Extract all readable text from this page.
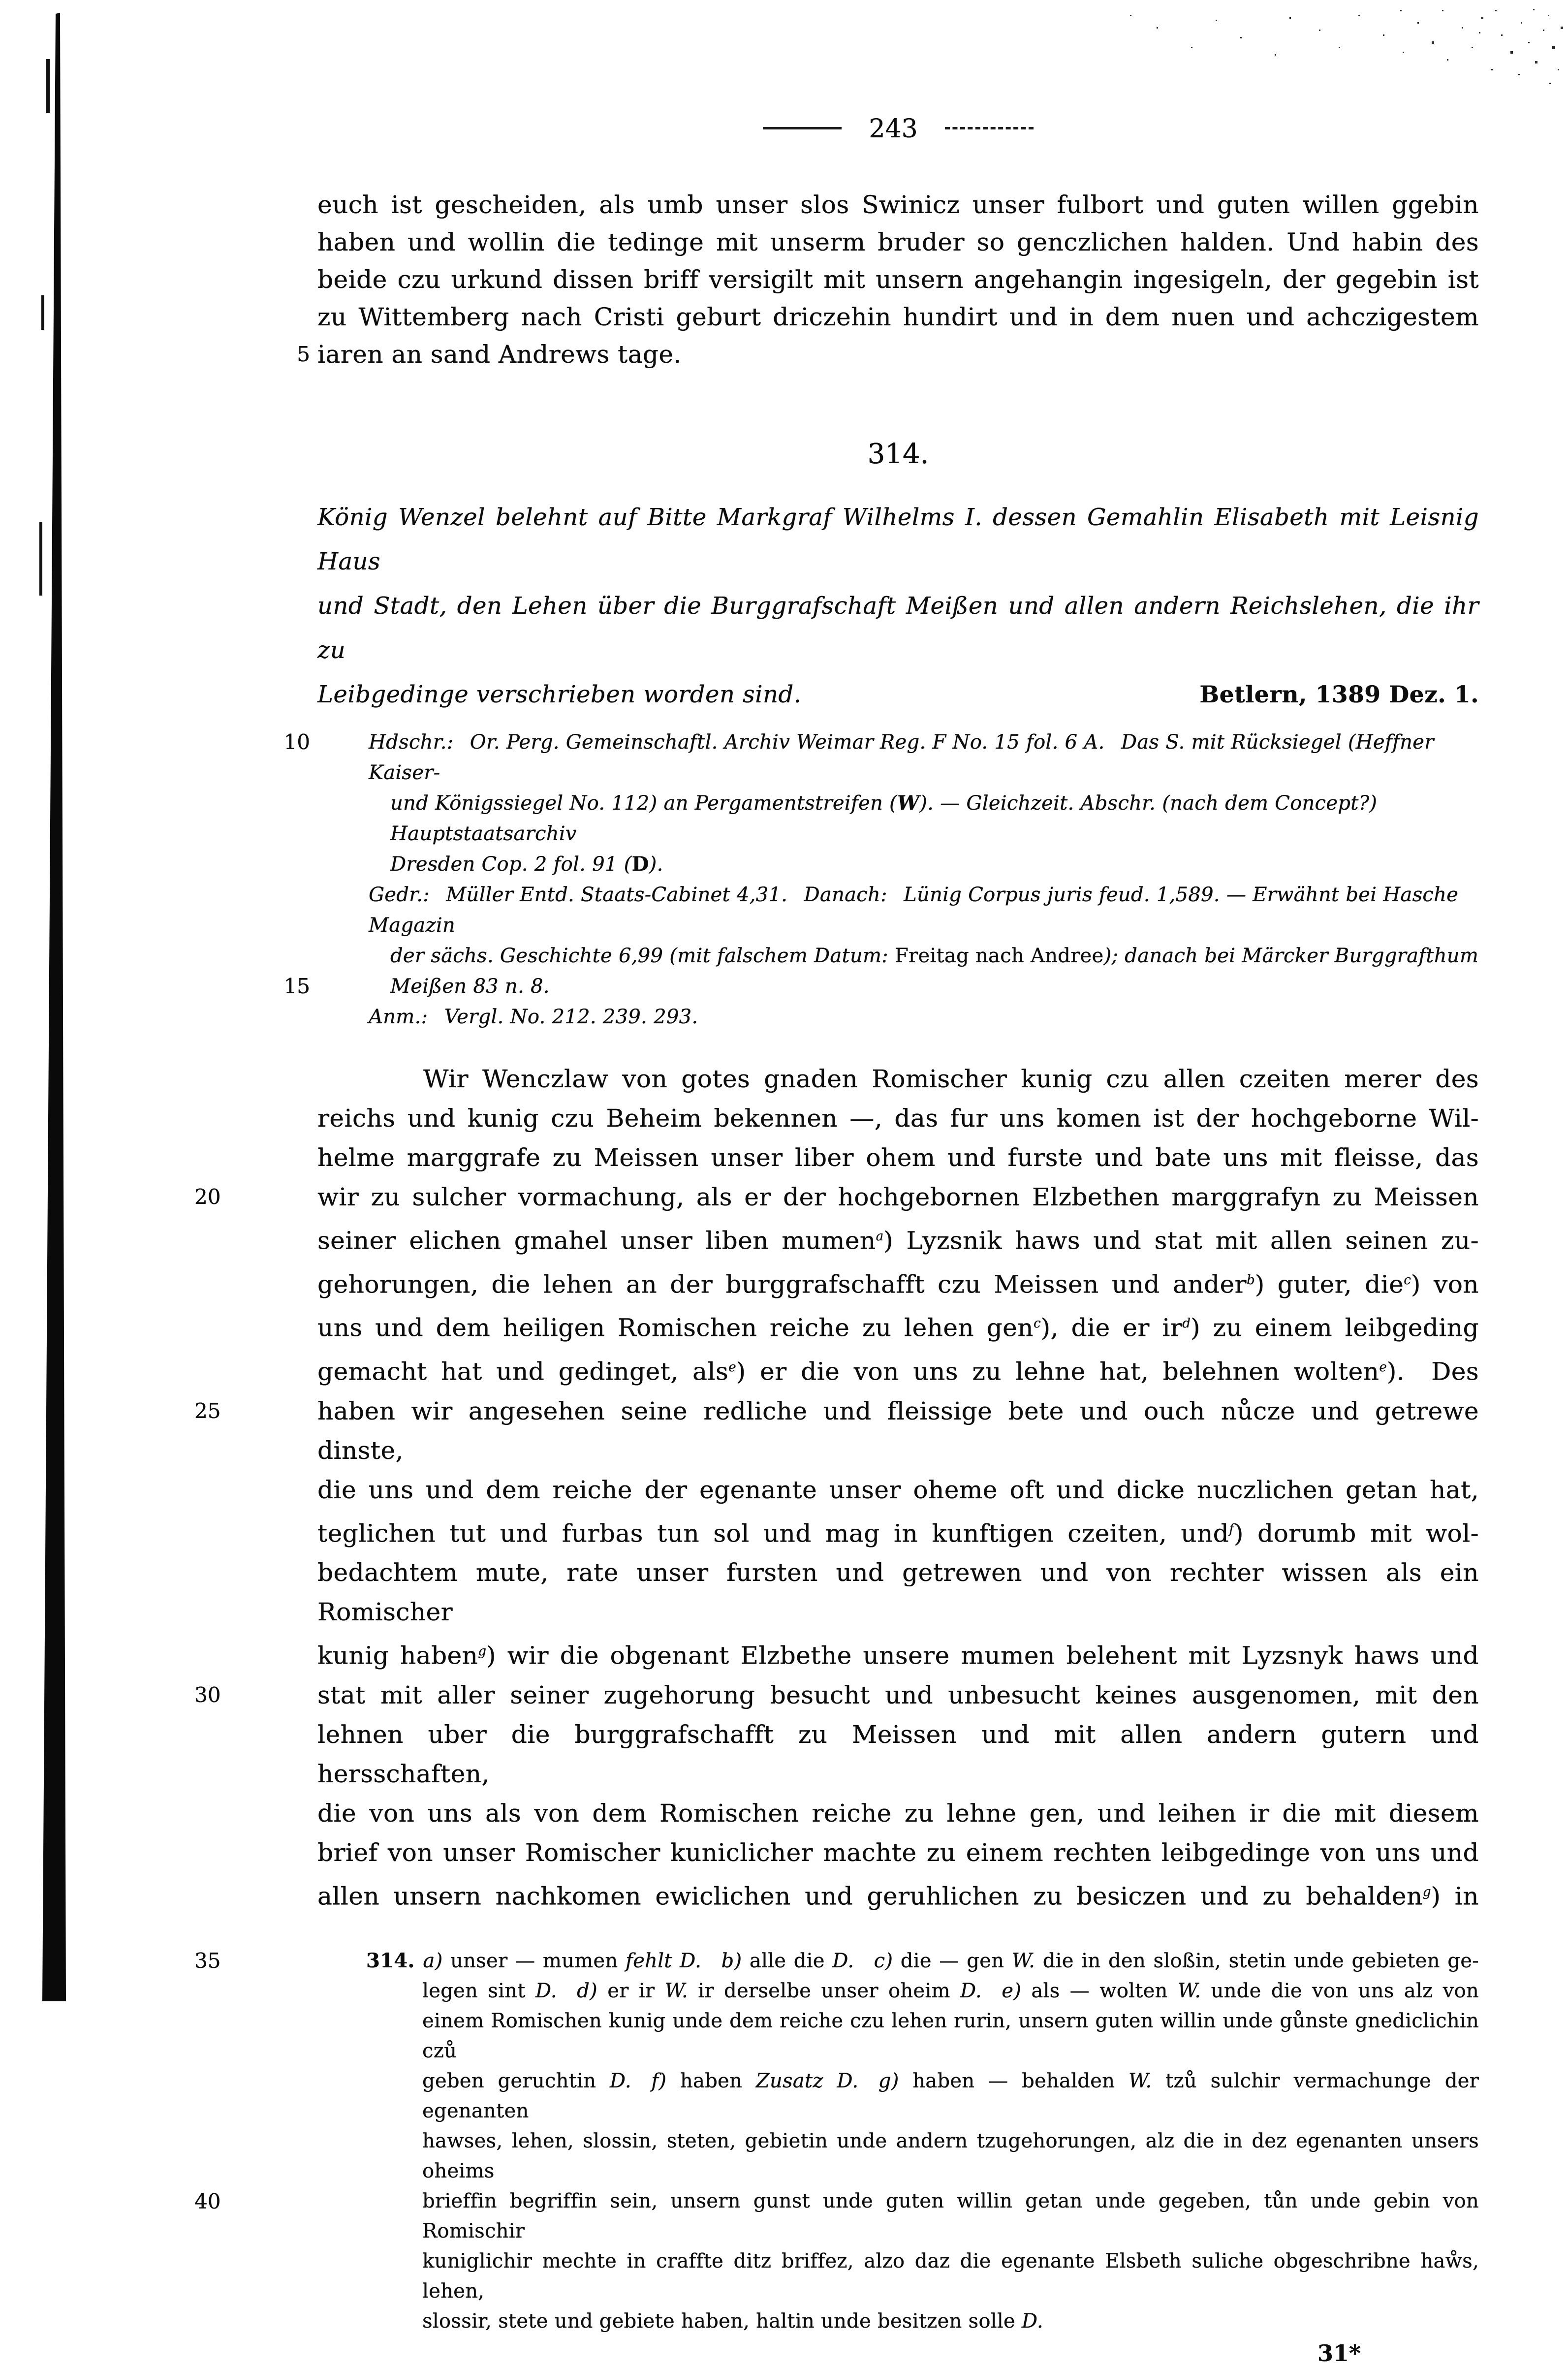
243
euch ist gescheiden, als umb unser slos Swinicz unser fulbort und guten willen ggebin
haben und wollin die tedinge mit unserm bruder so genczlichen halden. Und habin des
beide czu urkund dissen briff versigilt mit unsern angehangin ingesigeln, der gegebin ist
zu Wittemberg nach Cristi geburt driczehin hundirt und in dem nuen und achczigestem
5 iaren an sand Andrews tage.
314.
König Wenzel belehnt auf Bitte Markgraf Wilhelms I. dessen Gemahlin Elisabeth mit Leisnig Haus
und Stadt, den Lehen über die Burggrafschaft Meißen und allen andern Reichslehen, die ihr zu
Leibgedinge verschrieben worden sind.	Betlern, 1389 Dez. 1.
10	Hdschr.:  Or. Perg. Gemeinschaftl. Archiv Weimar Reg. F No. 15 fol. 6 A.  Das S. mit Rücksiegel (Heffner Kaiser-
und Königssiegel No. 112) an Pergamentstreifen (W). — Gleichzeit. Abschr. (nach dem Concept?) Hauptstaatsarchiv
Dresden Cop. 2 fol. 91 (D).
Gedr.:  Müller Entd. Staats-Cabinet 4,31.  Danach:  Lünig Corpus juris feud. 1,589. — Erwähnt bei Hasche Magazin
der sächs. Geschichte 6,99 (mit falschem Datum: Freitag nach Andree); danach bei Märcker Burggrafthum
15	Meißen 83 n. 8.
Anm.:  Vergl. No. 212. 239. 293.
Wir Wenczlaw von gotes gnaden Romischer kunig czu allen czeiten merer des
reichs und kunig czu Beheim bekennen —, das fur uns komen ist der hochgeborne Wil-
helme marggrafe zu Meissen unser liber ohem und furste und bate uns mit fleisse, das
20	wir zu sulcher vormachung, als er der hochgebornen Elzbethen marggrafyn zu Meissen
seiner elichen gmahel unser liben mumen$^a$) Lyzsnik haws und stat mit allen seinen zu-
gehorungen, die lehen an der burggrafschafft czu Meissen und ander$^b$) guter, die$^c$) von
uns und dem heiligen Romischen reiche zu lehen gen$^c$), die er $ir^d$) zu einem leibgeding
gemacht hat und gedinget, als$^e$) er die von uns zu lehne hat, belehnen wolten$^e$).  Des
25	haben wir angesehen seine redliche und fleissige bete und ouch nůcze und getrewe dinste,
die uns und dem reiche der egenante unser oheme oft und dicke nuczlichen getan hat,
teglichen tut und furbas tun sol und mag in kunftigen czeiten, und$^f$) dorumb mit wol-
bedachtem mute, rate unser fursten und getrewen und von rechter wissen als ein Romischer
kunig haben$^g$) wir die obgenant Elzbethe unsere mumen belehent mit Lyzsnyk haws und
30	stat mit aller seiner zugehorung besucht und unbesucht keines ausgenomen, mit den
lehnen uber die burggrafschafft zu Meissen und mit allen andern gutern und hersschaften,
die von uns als von dem Romischen reiche zu lehne gen, und leihen ir die mit diesem
brief von unser Romischer kuniclicher machte zu einem rechten leibgedinge von uns und
allen unsern nachkomen ewiclichen und geruhlichen zu besiczen und zu behalden$^g$) in
35	314. a) unser — mumen fehlt D.  b) alle die D.  c) die — gen W. die in den sloßin, stetin unde gebieten ge-
legen sint D.  d) er ir W. ir derselbe unser oheim D.  e) als — wolten W. unde die von uns alz von
einem Romischen kunig unde dem reiche czu lehen rurin, unsern guten willin unde gůnste gnediclichin czů
geben geruchtin D.  f) haben Zusatz D.  g) haben — behalden W. tzů sulchir vermachunge der egenanten
hawses, lehen, slossin, steten, gebietin unde andern tzugehorungen, alz die in dez egenanten unsers oheims
40	brieffin begriffin sein, unsern gunst unde guten willin getan unde gegeben, tůn unde gebin von Romischir
kuniglichir mechte in craffte ditz briffez, alzo daz die egenante Elsbeth suliche obgeschribne haẘs, lehen,
slossir, stete und gebiete haben, haltin unde besitzen solle D.
31*
